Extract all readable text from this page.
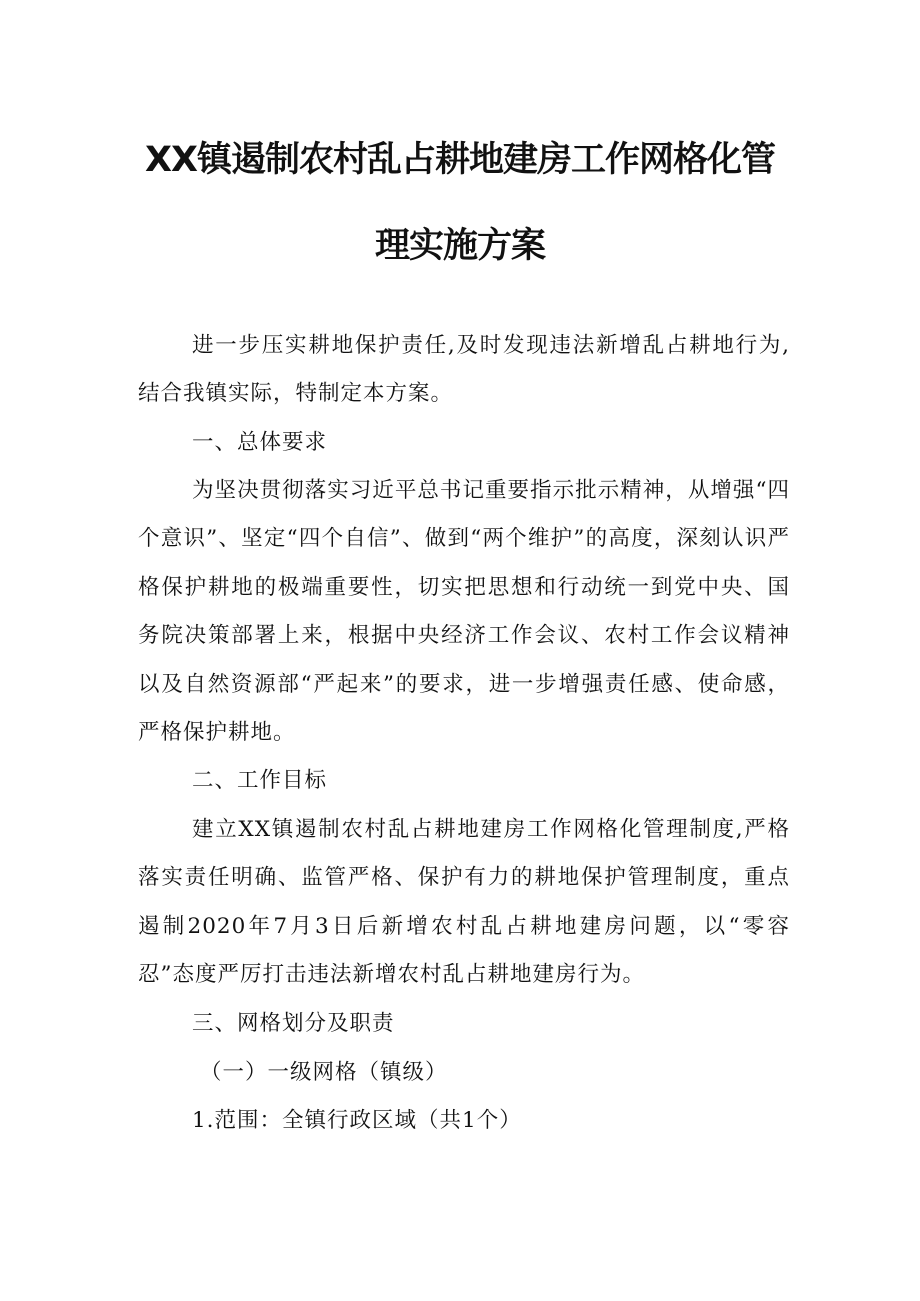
XX镇遏制农村乱占耕地建房工作网格化管
理实施方案

进一步压实耕地保护责任,及时发现违法新增乱占耕地行为,结合我镇实际，特制定本方案。

一、总体要求

为坚决贯彻落实习近平总书记重要指示批示精神，从增强“四个意识”、坚定“四个自信”、做到“两个维护”的高度，深刻认识严格保护耕地的极端重要性，切实把思想和行动统一到党中央、国务院决策部署上来，根据中央经济工作会议、农村工作会议精神以及自然资源部“严起来”的要求，进一步增强责任感、使命感，严格保护耕地。

二、工作目标

建立XX镇遏制农村乱占耕地建房工作网格化管理制度,严格落实责任明确、监管严格、保护有力的耕地保护管理制度，重点遏制2020年7月3日后新增农村乱占耕地建房问题，以“零容忍”态度严厉打击违法新增农村乱占耕地建房行为。

三、网格划分及职责
（一）一级网格（镇级）
1.范围：全镇行政区域（共1个）
